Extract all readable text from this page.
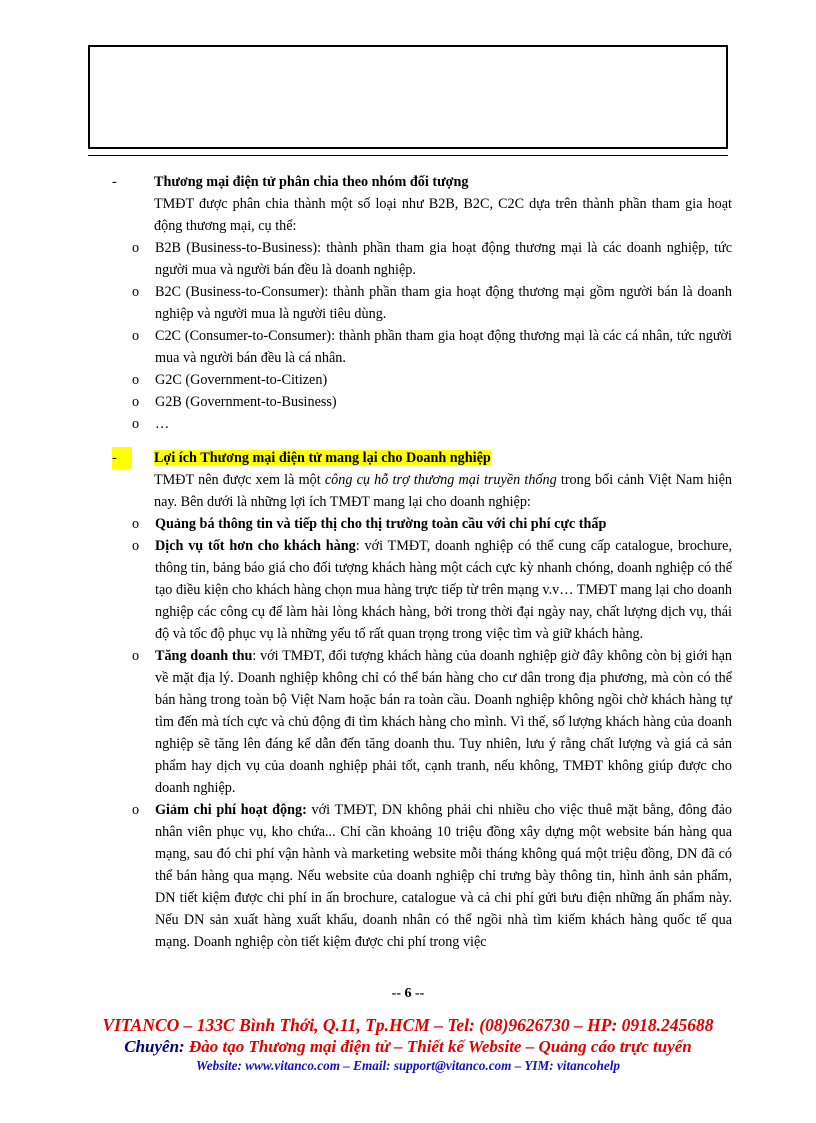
-	Thương mại điện tử phân chia theo nhóm đối tượng
TMĐT được phân chia thành một số loại như B2B, B2C, C2C dựa trên thành phần tham gia hoạt động thương mại, cụ thể:
o B2B (Business-to-Business): thành phần tham gia hoạt động thương mại là các doanh nghiệp, tức người mua và người bán đều là doanh nghiệp.
o B2C (Business-to-Consumer): thành phần tham gia hoạt động thương mại gồm người bán là doanh nghiệp và người mua là người tiêu dùng.
o C2C (Consumer-to-Consumer): thành phần tham gia hoạt động thương mại là các cá nhân, tức người mua và người bán đều là cá nhân.
o G2C (Government-to-Citizen)
o G2B (Government-to-Business)
o …
-	Lợi ích Thương mại điện tử mang lại cho Doanh nghiệp
TMĐT nên được xem là một công cụ hỗ trợ thương mại truyền thống trong bối cảnh Việt Nam hiện nay. Bên dưới là những lợi ích TMĐT mang lại cho doanh nghiệp:
o Quảng bá thông tin và tiếp thị cho thị trường toàn cầu với chi phí cực thấp
o Dịch vụ tốt hơn cho khách hàng: với TMĐT, doanh nghiệp có thể cung cấp catalogue, brochure, thông tin, bảng báo giá cho đối tượng khách hàng một cách cực kỳ nhanh chóng, doanh nghiệp có thể tạo điều kiện cho khách hàng chọn mua hàng trực tiếp từ trên mạng v.v… TMĐT mang lại cho doanh nghiệp các công cụ để làm hài lòng khách hàng, bởi trong thời đại ngày nay, chất lượng dịch vụ, thái độ và tốc độ phục vụ là những yếu tố rất quan trọng trong việc tìm và giữ khách hàng.
o Tăng doanh thu: với TMĐT, đối tượng khách hàng của doanh nghiệp giờ đây không còn bị giới hạn về mặt địa lý. Doanh nghiệp không chỉ có thể bán hàng cho cư dân trong địa phương, mà còn có thể bán hàng trong toàn bộ Việt Nam hoặc bán ra toàn cầu. Doanh nghiệp không ngồi chờ khách hàng tự tìm đến mà tích cực và chủ động đi tìm khách hàng cho mình. Vì thế, số lượng khách hàng của doanh nghiệp sẽ tăng lên đáng kể dẫn đến tăng doanh thu. Tuy nhiên, lưu ý rằng chất lượng và giá cả sản phẩm hay dịch vụ của doanh nghiệp phải tốt, cạnh tranh, nếu không, TMĐT không giúp được cho doanh nghiệp.
o Giảm chi phí hoạt động: với TMĐT, DN không phải chi nhiều cho việc thuê mặt bằng, đông đảo nhân viên phục vụ, kho chứa... Chỉ cần khoảng 10 triệu đồng xây dựng một website bán hàng qua mạng, sau đó chi phí vận hành và marketing website mỗi tháng không quá một triệu đồng, DN đã có thể bán hàng qua mạng. Nếu website của doanh nghiệp chỉ trưng bày thông tin, hình ảnh sản phẩm, DN tiết kiệm được chi phí in ấn brochure, catalogue và cả chi phí gửi bưu điện những ấn phẩm này. Nếu DN sản xuất hàng xuất khẩu, doanh nhân có thể ngồi nhà tìm kiếm khách hàng quốc tế qua mạng. Doanh nghiệp còn tiết kiệm được chi phí trong việc
-- 6 --
VITANCO – 133C Bình Thới, Q.11, Tp.HCM – Tel: (08)9626730 – HP: 0918.245688
Chuyên: Đào tạo Thương mại điện tử – Thiết kế Website – Quảng cáo trực tuyến
Website: www.vitanco.com – Email: support@vitanco.com – YIM: vitancohelp
